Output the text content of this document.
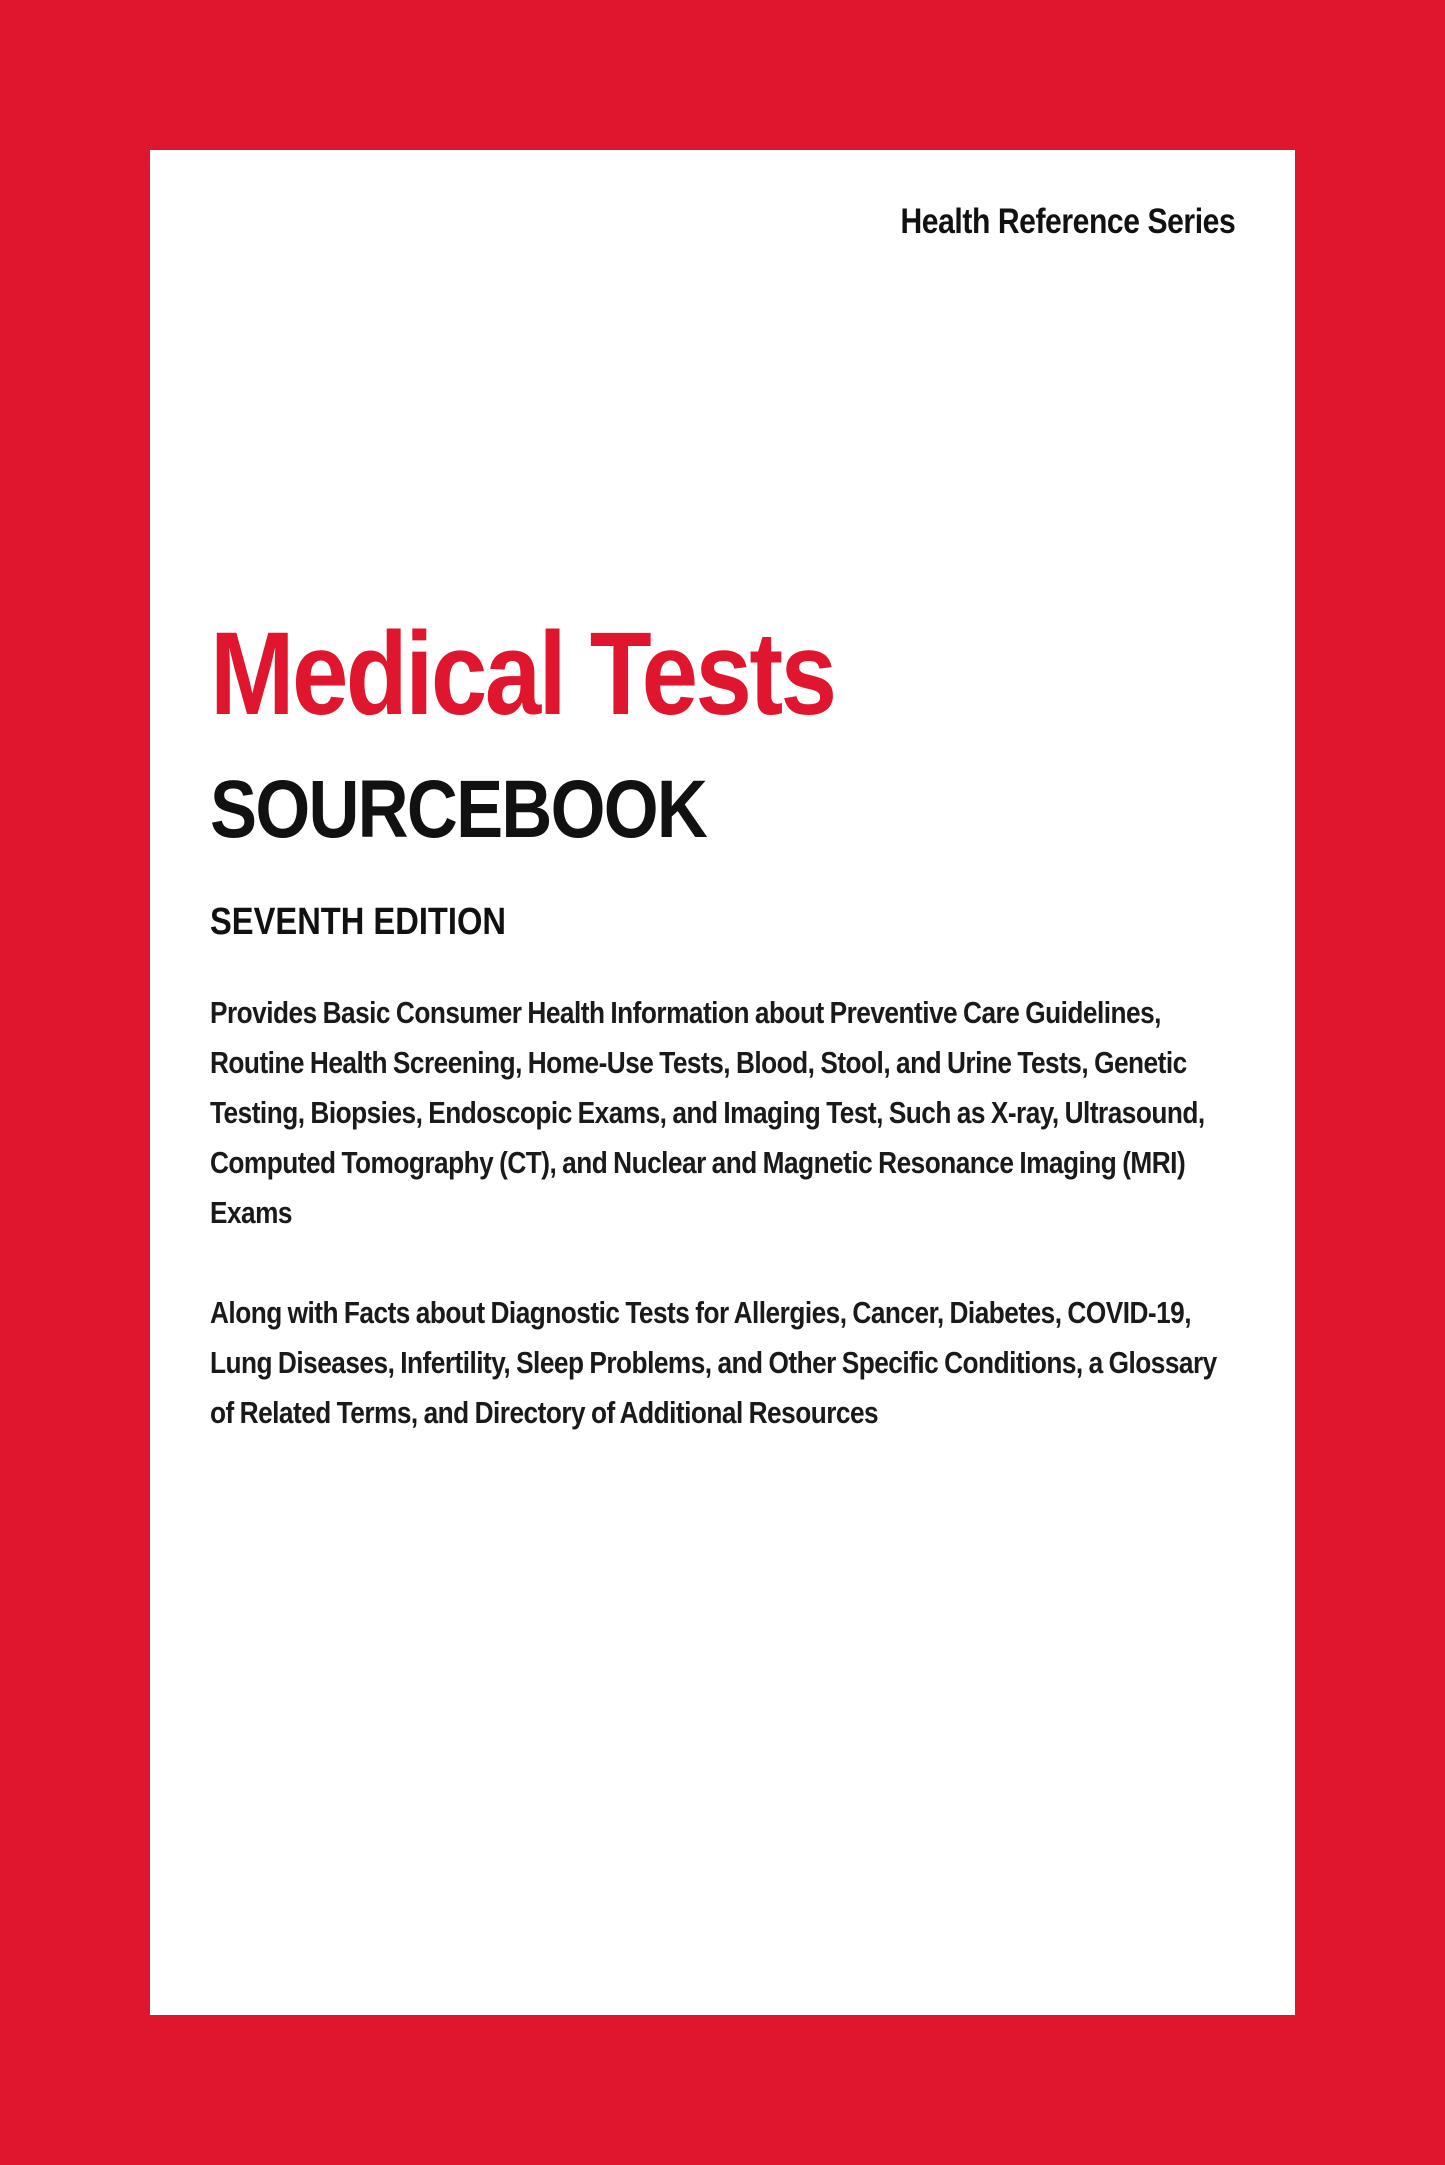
Health Reference Series
Medical Tests
SOURCEBOOK
SEVENTH EDITION

Provides Basic Consumer Health Information about Preventive Care Guidelines, Routine Health Screening, Home-Use Tests, Blood, Stool, and Urine Tests, Genetic Testing, Biopsies, Endoscopic Exams, and Imaging Test, Such as X-ray, Ultrasound, Computed Tomography (CT), and Nuclear and Magnetic Resonance Imaging (MRI) Exams

Along with Facts about Diagnostic Tests for Allergies, Cancer, Diabetes, COVID-19, Lung Diseases, Infertility, Sleep Problems, and Other Specific Conditions, a Glossary of Related Terms, and Directory of Additional Resources
